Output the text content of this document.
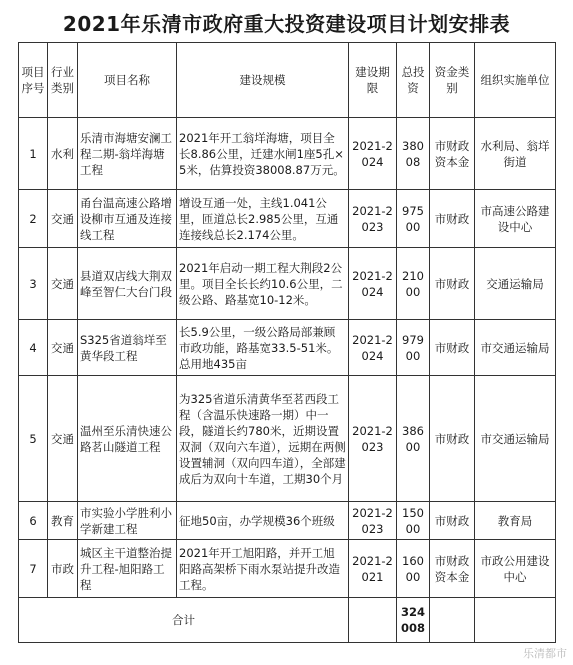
2021年乐清市政府重大投资建设项目计划安排表
项目序号	行业类别	项目名称	建设规模	建设期限	总投资	资金类别	组织实施单位
1	水利	乐清市海塘安澜工程二期-翁垟海塘工程	2021年开工翁垟海塘，项目全长8.86公里，迁建水闸1座5孔×5米，估算投资38008.87万元。	2021-2024	38008	市财政资本金	水利局、翁垟街道
2	交通	甬台温高速公路增设柳市互通及连接线工程	增设互通一处，主线1.041公里，匝道总长2.985公里，互通连接线总长2.174公里。	2021-2023	97500	市财政	市高速公路建设中心
3	交通	县道双店线大荆双峰至智仁大台门段	2021年启动一期工程大荆段2公里。项目全长长约10.6公里，二级公路、路基宽10-12米。	2021-2024	21000	市财政	交通运输局
4	交通	S325省道翁垟至黄华段工程	长5.9公里，一级公路局部兼顾市政功能，路基宽33.5-51米。总用地435亩	2021-2024	97900	市财政	市交通运输局
5	交通	温州至乐清快速公路茗山隧道工程	为325省道乐清黄华至茗西段工程（含温乐快速路一期）中一段，隧道长约780米，近期设置双洞（双向六车道），远期在两侧设置辅洞（双向四车道），全部建成后为双向十车道，工期30个月	2021-2023	38600	市财政	市交通运输局
6	教育	市实验小学胜利小学新建工程	征地50亩，办学规模36个班级	2021-2023	15000	市财政	教育局
7	市政	城区主干道整治提升工程-旭阳路工程	2021年开工旭阳路，并开工旭阳路高架桥下雨水泵站提升改造工程。	2021-2021	16000	市财政资本金	市政公用建设中心
合计					324008		
乐清都市
